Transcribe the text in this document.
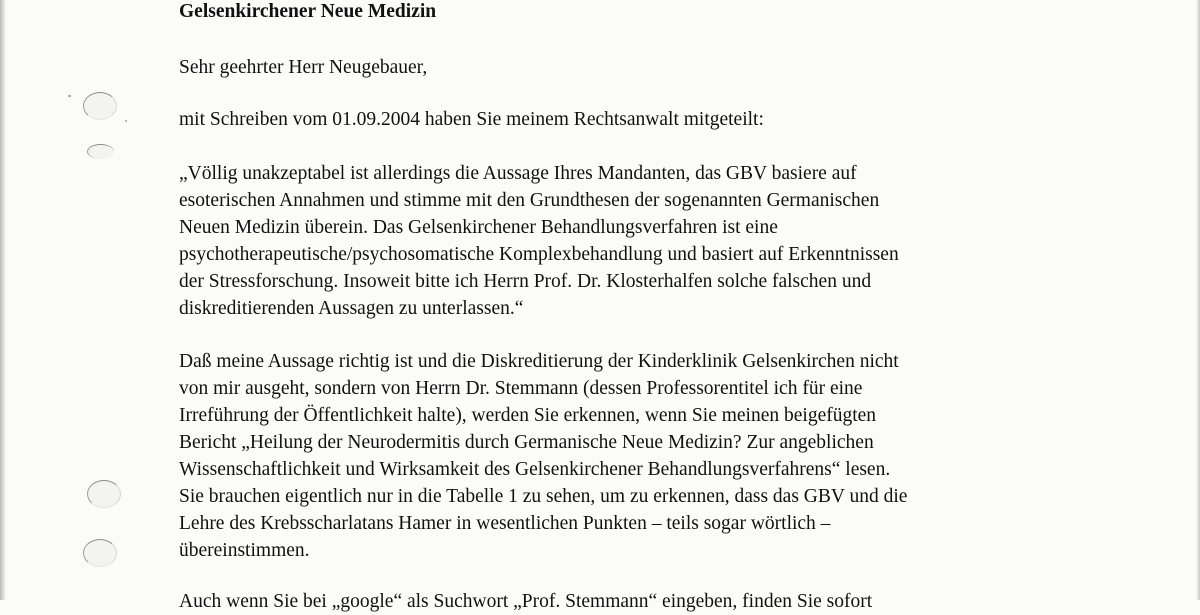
Gelsenkirchener Neue Medizin
Sehr geehrter Herr Neugebauer,
mit Schreiben vom 01.09.2004 haben Sie meinem Rechtsanwalt mitgeteilt:
„Völlig unakzeptabel ist allerdings die Aussage Ihres Mandanten, das GBV basiere auf
esoterischen Annahmen und stimme mit den Grundthesen der sogenannten Germanischen
Neuen Medizin überein. Das Gelsenkirchener Behandlungsverfahren ist eine
psychotherapeutische/psychosomatische Komplexbehandlung und basiert auf Erkenntnissen
der Stressforschung. Insoweit bitte ich Herrn Prof. Dr. Klosterhalfen solche falschen und
diskreditierenden Aussagen zu unterlassen.“
Daß meine Aussage richtig ist und die Diskreditierung der Kinderklinik Gelsenkirchen nicht
von mir ausgeht, sondern von Herrn Dr. Stemmann (dessen Professorentitel ich für eine
Irreführung der Öffentlichkeit halte), werden Sie erkennen, wenn Sie meinen beigefügten
Bericht „Heilung der Neurodermitis durch Germanische Neue Medizin? Zur angeblichen
Wissenschaftlichkeit und Wirksamkeit des Gelsenkirchener Behandlungsverfahrens“ lesen.
Sie brauchen eigentlich nur in die Tabelle 1 zu sehen, um zu erkennen, dass das GBV und die
Lehre des Krebsscharlatans Hamer in wesentlichen Punkten – teils sogar wörtlich –
übereinstimmen.
Auch wenn Sie bei „google“ als Suchwort „Prof. Stemmann“ eingeben, finden Sie sofort
